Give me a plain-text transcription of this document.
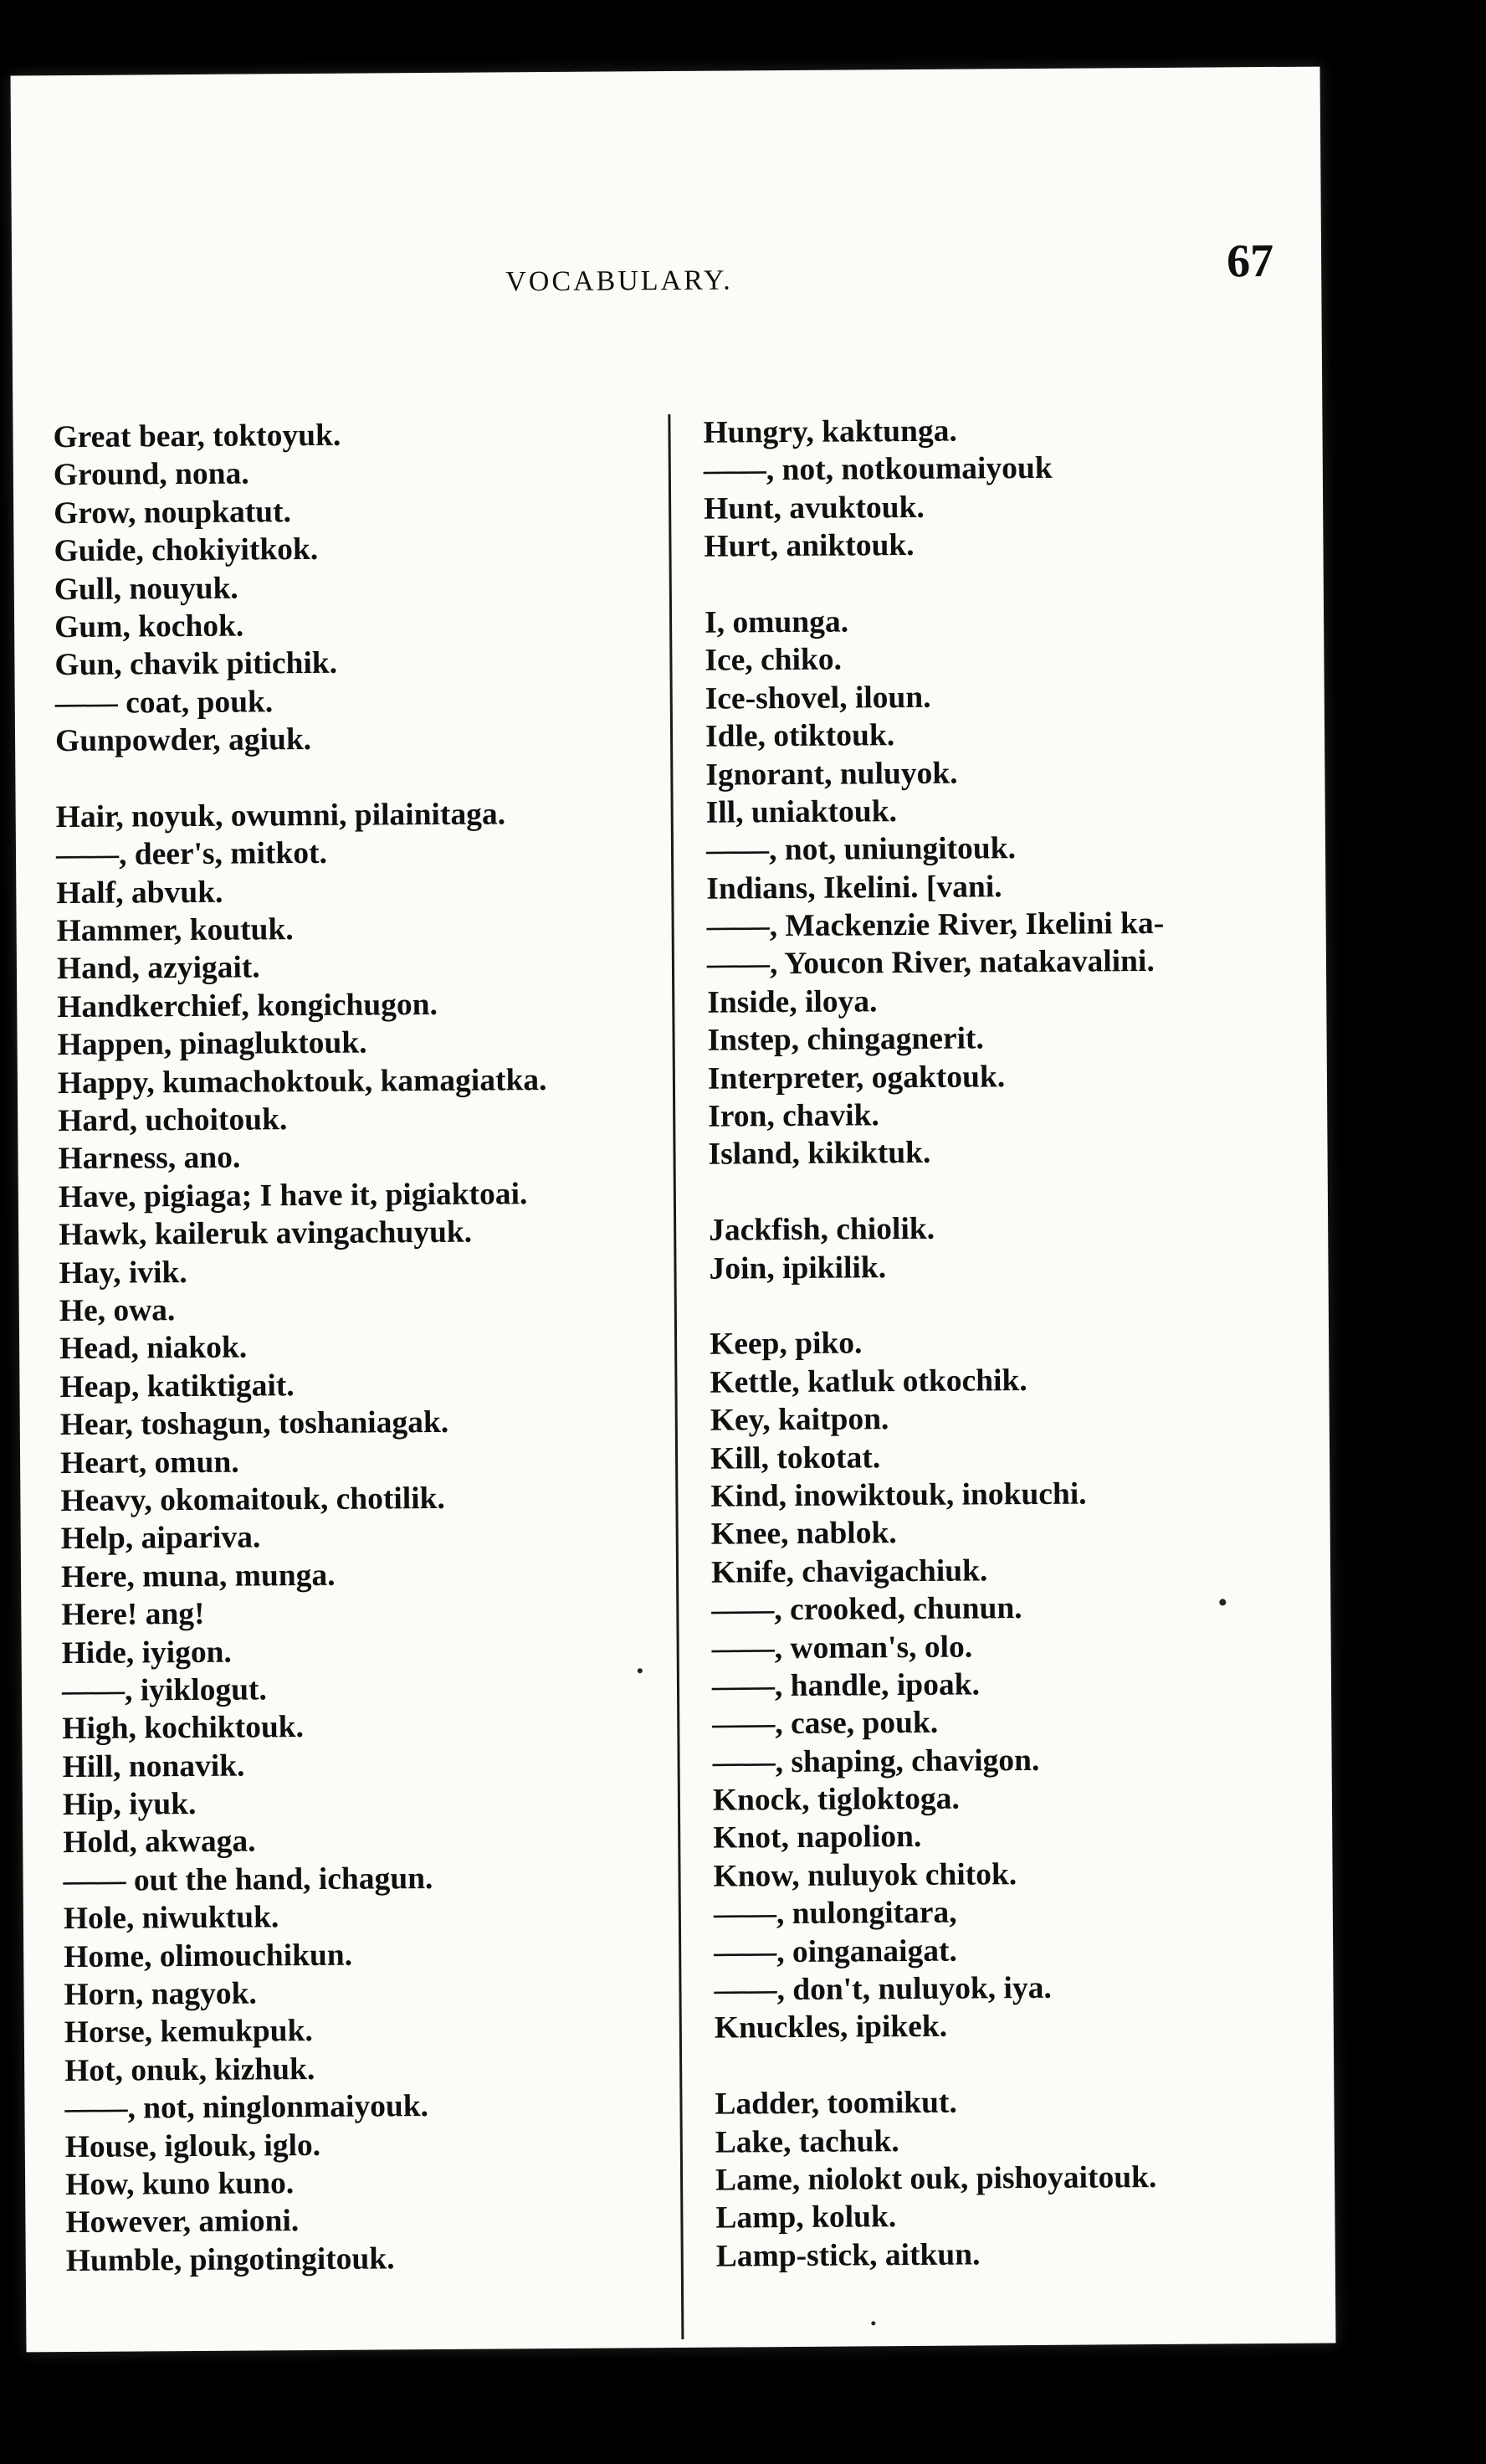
VOCABULARY.	67
Great bear, toktoyuk.
Ground, nona.
Grow, noupkatut.
Guide, chokiyitkok.
Gull, nouyuk.
Gum, kochok.
Gun, chavik pitichik.
—— coat, pouk.
Gunpowder, agiuk.
Hair, noyuk, owumni, pilainitaga.
——, deer's, mitkot.
Half, abvuk.
Hammer, koutuk.
Hand, azyigait.
Handkerchief, kongichugon.
Happen, pinagluktouk.
Happy, kumachoktouk, kamagiatka.
Hard, uchoitouk.
Harness, ano.
Have, pigiaga; I have it, pigiaktoai.
Hawk, kaileruk avingachuyuk.
Hay, ivik.
He, owa.
Head, niakok.
Heap, katiktigait.
Hear, toshagun, toshaniagak.
Heart, omun.
Heavy, okomaitouk, chotilik.
Help, aipariva.
Here, muna, munga.
Here! ang!
Hide, iyigon.
——, iyiklogut.
High, kochiktouk.
Hill, nonavik.
Hip, iyuk.
Hold, akwaga.
—— out the hand, ichagun.
Hole, niwuktuk.
Home, olimouchikun.
Horn, nagyok.
Horse, kemukpuk.
Hot, onuk, kizhuk.
——, not, ninglonmaiyouk.
House, iglouk, iglo.
How, kuno kuno.
However, amioni.
Humble, pingotingitouk.
Hungry, kaktunga.
——, not, notkoumaiyouk
Hunt, avuktouk.
Hurt, aniktouk.
I, omunga.
Ice, chiko.
Ice-shovel, iloun.
Idle, otiktouk.
Ignorant, nuluyok.
Ill, uniaktouk.
——, not, uniungitouk.
Indians, Ikelini. [vani.
——, Mackenzie River, Ikelini ka-
——, Youcon River, natakavalini.
Inside, iloya.
Instep, chingagnerit.
Interpreter, ogaktouk.
Iron, chavik.
Island, kikiktuk.
Jackfish, chiolik.
Join, ipikilik.
Keep, piko.
Kettle, katluk otkochik.
Key, kaitpon.
Kill, tokotat.
Kind, inowiktouk, inokuchi.
Knee, nablok.
Knife, chavigachiuk.
——, crooked, chunun.
——, woman's, olo.
——, handle, ipoak.
——, case, pouk.
——, shaping, chavigon.
Knock, tigloktoga.
Knot, napolion.
Know, nuluyok chitok.
——, nulongitara,
——, oinganaigat.
——, don't, nuluyok, iya.
Knuckles, ipikek.
Ladder, toomikut.
Lake, tachuk.
Lame, niolokt ouk, pishoyaitouk.
Lamp, koluk.
Lamp-stick, aitkun.
